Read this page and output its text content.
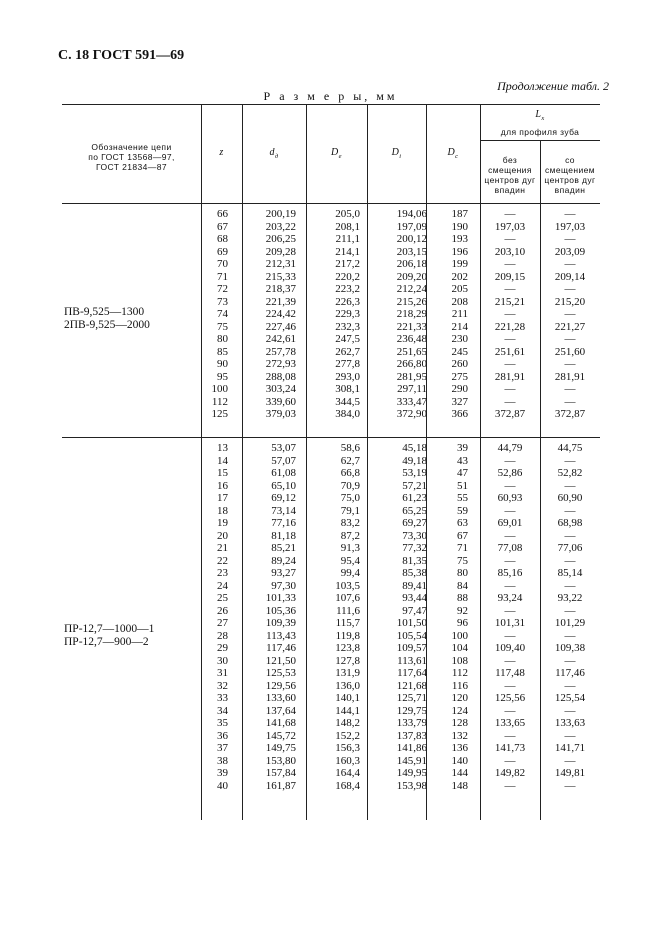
С. 18 ГОСТ 591—69
Продолжение табл. 2
Р а з м е р ы, мм
Обозначение цепи
по ГОСТ 13568—97,
ГОСТ 21834—87
z	$d_д$	$D_e$	$D_i$	$D_c$
$L_х$
для профиля зуба
без
смещения
центров дуг
впадин
со
смещением
центров дуг
впадин
ПВ-9,525—1300
2ПВ-9,525—2000
66	200,19	205,0	194,06	187	—	—
67	203,22	208,1	197,09	190	197,03	197,03
68	206,25	211,1	200,12	193	—	—
69	209,28	214,1	203,15	196	203,10	203,09
70	212,31	217,2	206,18	199	—	—
71	215,33	220,2	209,20	202	209,15	209,14
72	218,37	223,2	212,24	205	—	—
73	221,39	226,3	215,26	208	215,21	215,20
74	224,42	229,3	218,29	211	—	—
75	227,46	232,3	221,33	214	221,28	221,27
80	242,61	247,5	236,48	230	—	—
85	257,78	262,7	251,65	245	251,61	251,60
90	272,93	277,8	266,80	260	—	—
95	288,08	293,0	281,95	275	281,91	281,91
100	303,24	308,1	297,11	290	—	—
112	339,60	344,5	333,47	327	—	—
125	379,03	384,0	372,90	366	372,87	372,87
ПР-12,7—1000—1
ПР-12,7—900—2
13	53,07	58,6	45,18	39	44,79	44,75
14	57,07	62,7	49,18	43	—	—
15	61,08	66,8	53,19	47	52,86	52,82
16	65,10	70,9	57,21	51	—	—
17	69,12	75,0	61,23	55	60,93	60,90
18	73,14	79,1	65,25	59	—	—
19	77,16	83,2	69,27	63	69,01	68,98
20	81,18	87,2	73,30	67	—	—
21	85,21	91,3	77,32	71	77,08	77,06
22	89,24	95,4	81,35	75	—	—
23	93,27	99,4	85,38	80	85,16	85,14
24	97,30	103,5	89,41	84	—	—
25	101,33	107,6	93,44	88	93,24	93,22
26	105,36	111,6	97,47	92	—	—
27	109,39	115,7	101,50	96	101,31	101,29
28	113,43	119,8	105,54	100	—	—
29	117,46	123,8	109,57	104	109,40	109,38
30	121,50	127,8	113,61	108	—	—
31	125,53	131,9	117,64	112	117,48	117,46
32	129,56	136,0	121,68	116	—	—
33	133,60	140,1	125,71	120	125,56	125,54
34	137,64	144,1	129,75	124	—	—
35	141,68	148,2	133,79	128	133,65	133,63
36	145,72	152,2	137,83	132	—	—
37	149,75	156,3	141,86	136	141,73	141,71
38	153,80	160,3	145,91	140	—	—
39	157,84	164,4	149,95	144	149,82	149,81
40	161,87	168,4	153,98	148	—	—
